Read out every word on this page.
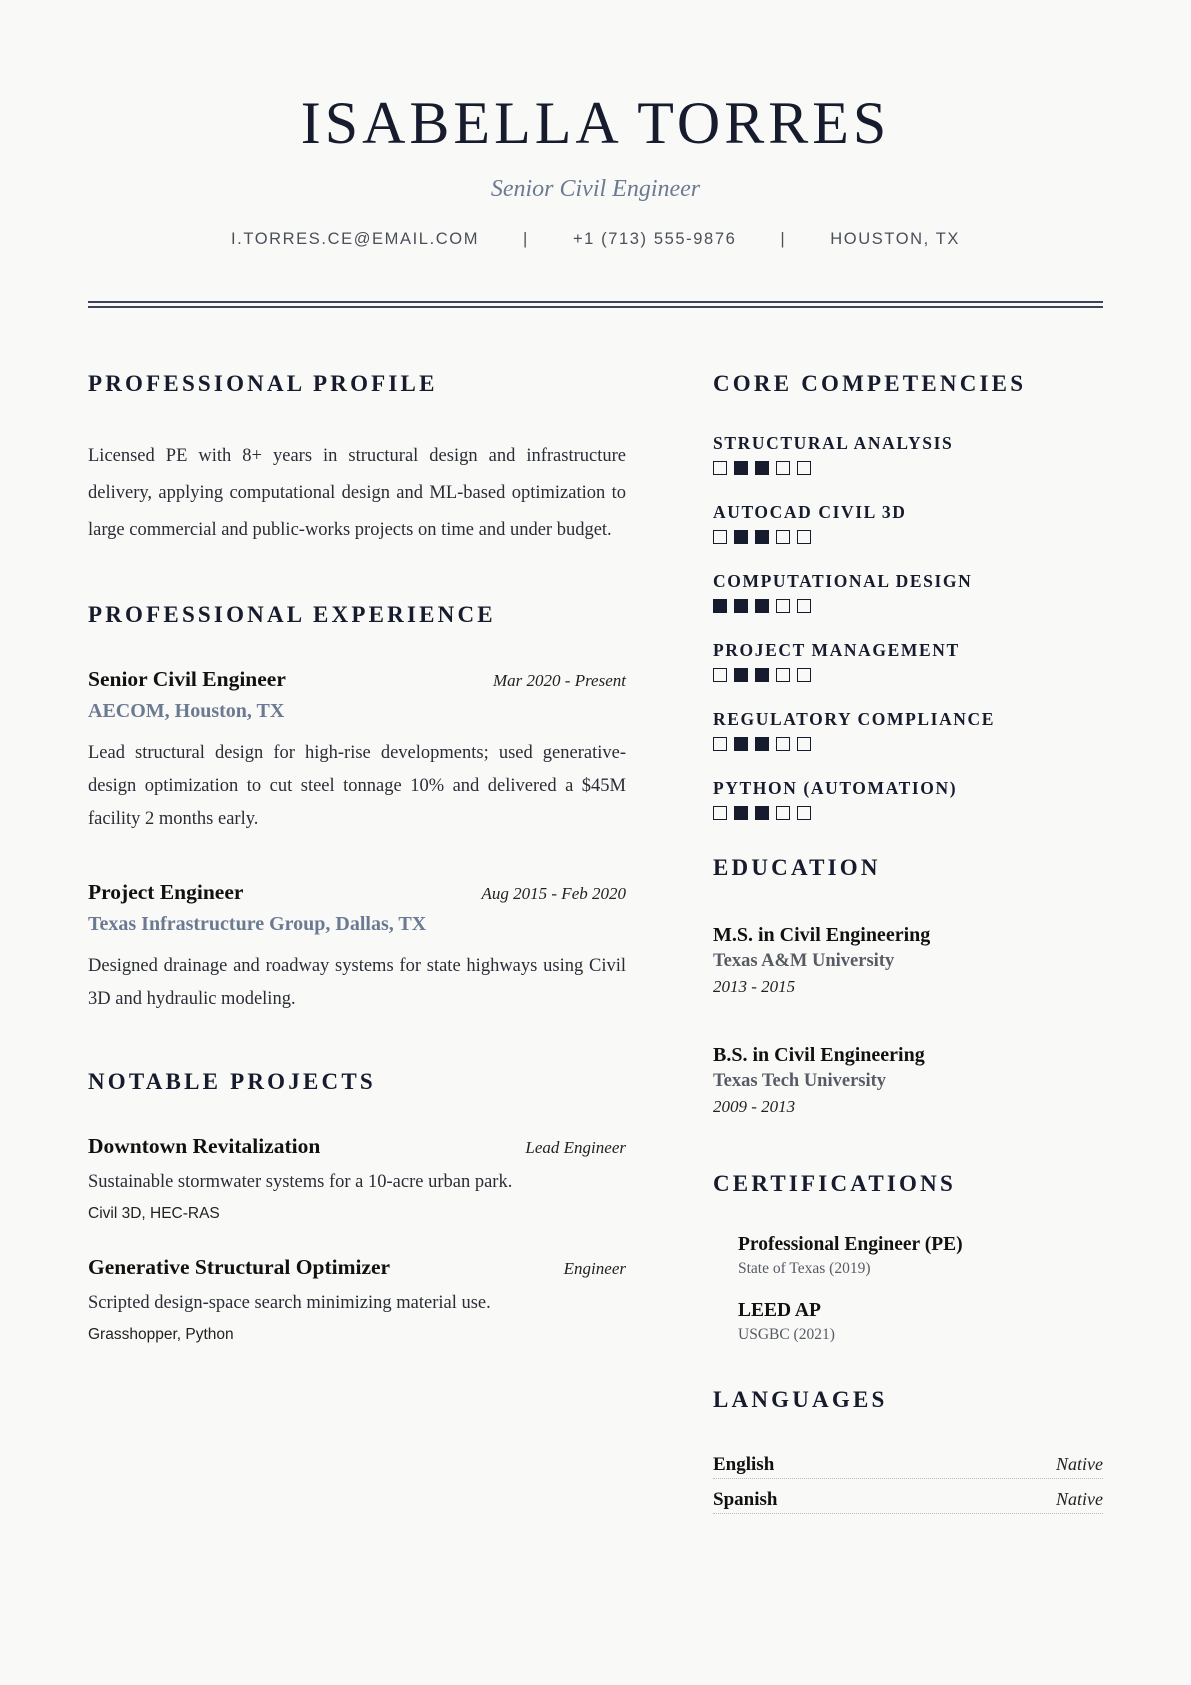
ISABELLA TORRES
Senior Civil Engineer
I.TORRES.CE@EMAIL.COM	|	+1 (713) 555-9876	|	HOUSTON, TX
PROFESSIONAL PROFILE
Licensed PE with 8+ years in structural design and infrastructure delivery, applying computational design and ML-based optimization to large commercial and public-works projects on time and under budget.
PROFESSIONAL EXPERIENCE
Senior Civil Engineer	Mar 2020 - Present
AECOM, Houston, TX
Lead structural design for high-rise developments; used generative-design optimization to cut steel tonnage 10% and delivered a $45M facility 2 months early.
Project Engineer	Aug 2015 - Feb 2020
Texas Infrastructure Group, Dallas, TX
Designed drainage and roadway systems for state highways using Civil 3D and hydraulic modeling.
NOTABLE PROJECTS
Downtown Revitalization	Lead Engineer
Sustainable stormwater systems for a 10-acre urban park.
Civil 3D, HEC-RAS
Generative Structural Optimizer	Engineer
Scripted design-space search minimizing material use.
Grasshopper, Python
CORE COMPETENCIES
STRUCTURAL ANALYSIS
AUTOCAD CIVIL 3D
COMPUTATIONAL DESIGN
PROJECT MANAGEMENT
REGULATORY COMPLIANCE
PYTHON (AUTOMATION)
EDUCATION
M.S. in Civil Engineering
Texas A&M University
2013 - 2015
B.S. in Civil Engineering
Texas Tech University
2009 - 2013
CERTIFICATIONS
Professional Engineer (PE)
State of Texas (2019)
LEED AP
USGBC (2021)
LANGUAGES
English	Native
Spanish	Native
